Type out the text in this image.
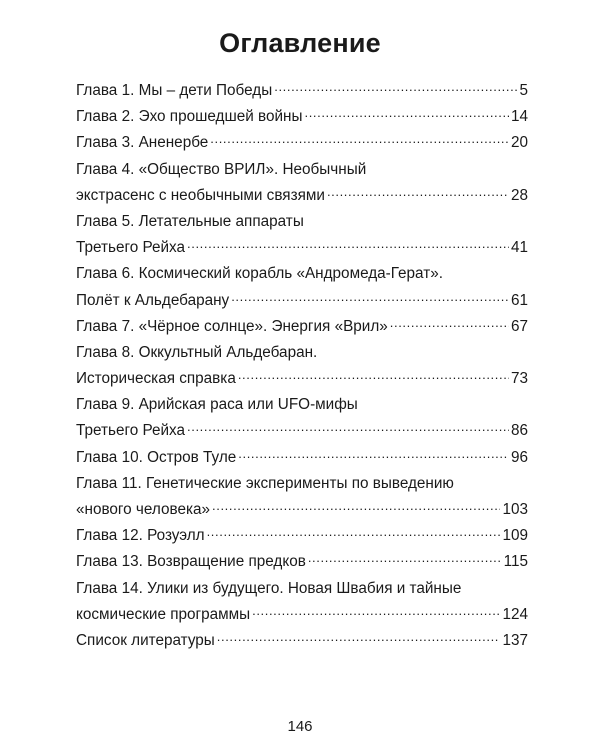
Оглавление
Глава 1. Мы – дети Победы .....	5
Глава 2. Эхо прошедшей войны .....	14
Глава 3. Аненербе .....	20
Глава 4. «Общество ВРИЛ». Необычный
экстрасенс с необычными связями .....	28
Глава 5. Летательные аппараты
Третьего Рейха .....	41
Глава 6. Космический корабль «Андромеда-Герат».
Полёт к Альдебарану .....	61
Глава 7. «Чёрное солнце». Энергия «Врил» .....	67
Глава 8. Оккультный Альдебаран.
Историческая справка .....	73
Глава 9. Арийская раса или UFO-мифы
Третьего Рейха .....	86
Глава 10. Остров Туле .....	96
Глава 11. Генетические эксперименты по выведению
«нового человека» .....	103
Глава 12. Розуэлл .....	109
Глава 13. Возвращение предков .....	115
Глава 14. Улики из будущего. Новая Швабия и тайные
космические программы .....	124
Список литературы .....	137
146
